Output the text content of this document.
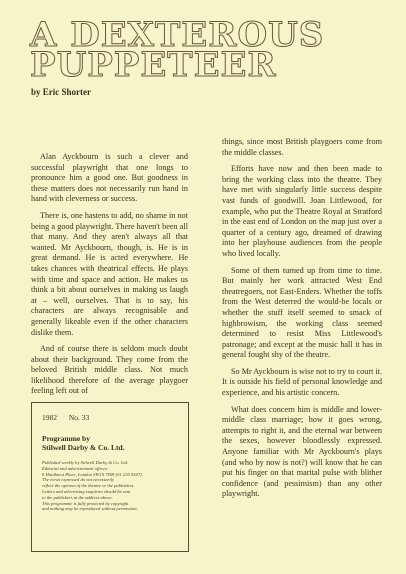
A DEXTEROUS
PUPPETEER
by Eric Shorter

Alan Ayckbourn is such a clever and successful playwright that one longs to pronounce him a good one. But goodness in these matters does not necessarily run hand in hand with cleverness or success.

There is, one hastens to add, no shame in not being a good playwright. There haven't been all that many. And they aren't always all that wanted. Mr Ayckbourn, though, is. He is in great demand. He is acted everywhere. He takes chances with theatrical effects. He plays with time and space and action. He makes us think a bit about ourselves in making us laugh at – well, ourselves. That is to say, his characters are always recognisable and generally likeable even if the other characters dislike them.

And of course there is seldom much doubt about their background. They come from the beloved British middle class. Not much likelihood therefore of the average playgoer feeling left out of

things, since most British playgoers come from the middle classes.

Efforts have now and then been made to bring the working class into the theatre. They have met with singularly little success despite vast funds of goodwill. Joan Littlewood, for example, who put the Theatre Royal at Stratford in the east end of London on the map just over a quarter of a century ago, dreamed of drawing into her playhouse audiences from the people who lived locally.

Some of them turned up from time to time. But mainly her work attracted West End theatregoers, not East-Enders. Whether the toffs from the West deterred the would-be locals or whether the stuff itself seemed to smack of highbrowism, the working class seemed determined to resist Miss Littlewood's patronage; and except at the music hall it has in general fought shy of the theatre.

So Mr Ayckbourn is wise not to try to court it. It is outside his field of personal knowledge and experience, and his artistic concern.

What does concern him is middle and lower-middle class marriage; how it goes wrong, attempts to right it, and the eternal war between the sexes, however bloodlessly expressed. Anyone familiar with Mr Ayckbourn's plays (and who by now is not?) will know that he can put his finger on that marital pulse with blither confidence (and pessimism) than any other playwright.

1982 No. 33
Programme by
Stilwell Darby & Co. Ltd.
Published weekly by Stilwell Darby & Co. Ltd.
Editorial and advertisement offices:
8 Hindhurst Place, London SW1X 7DH (01 235 0547).
The views expressed do not necessarily
reflect the opinion of the theatre or the publishers.
Letters and advertising enquiries should be sent
to the publishers at the address above.
This programme is fully protected by copyright
and nothing may be reproduced without permission.
